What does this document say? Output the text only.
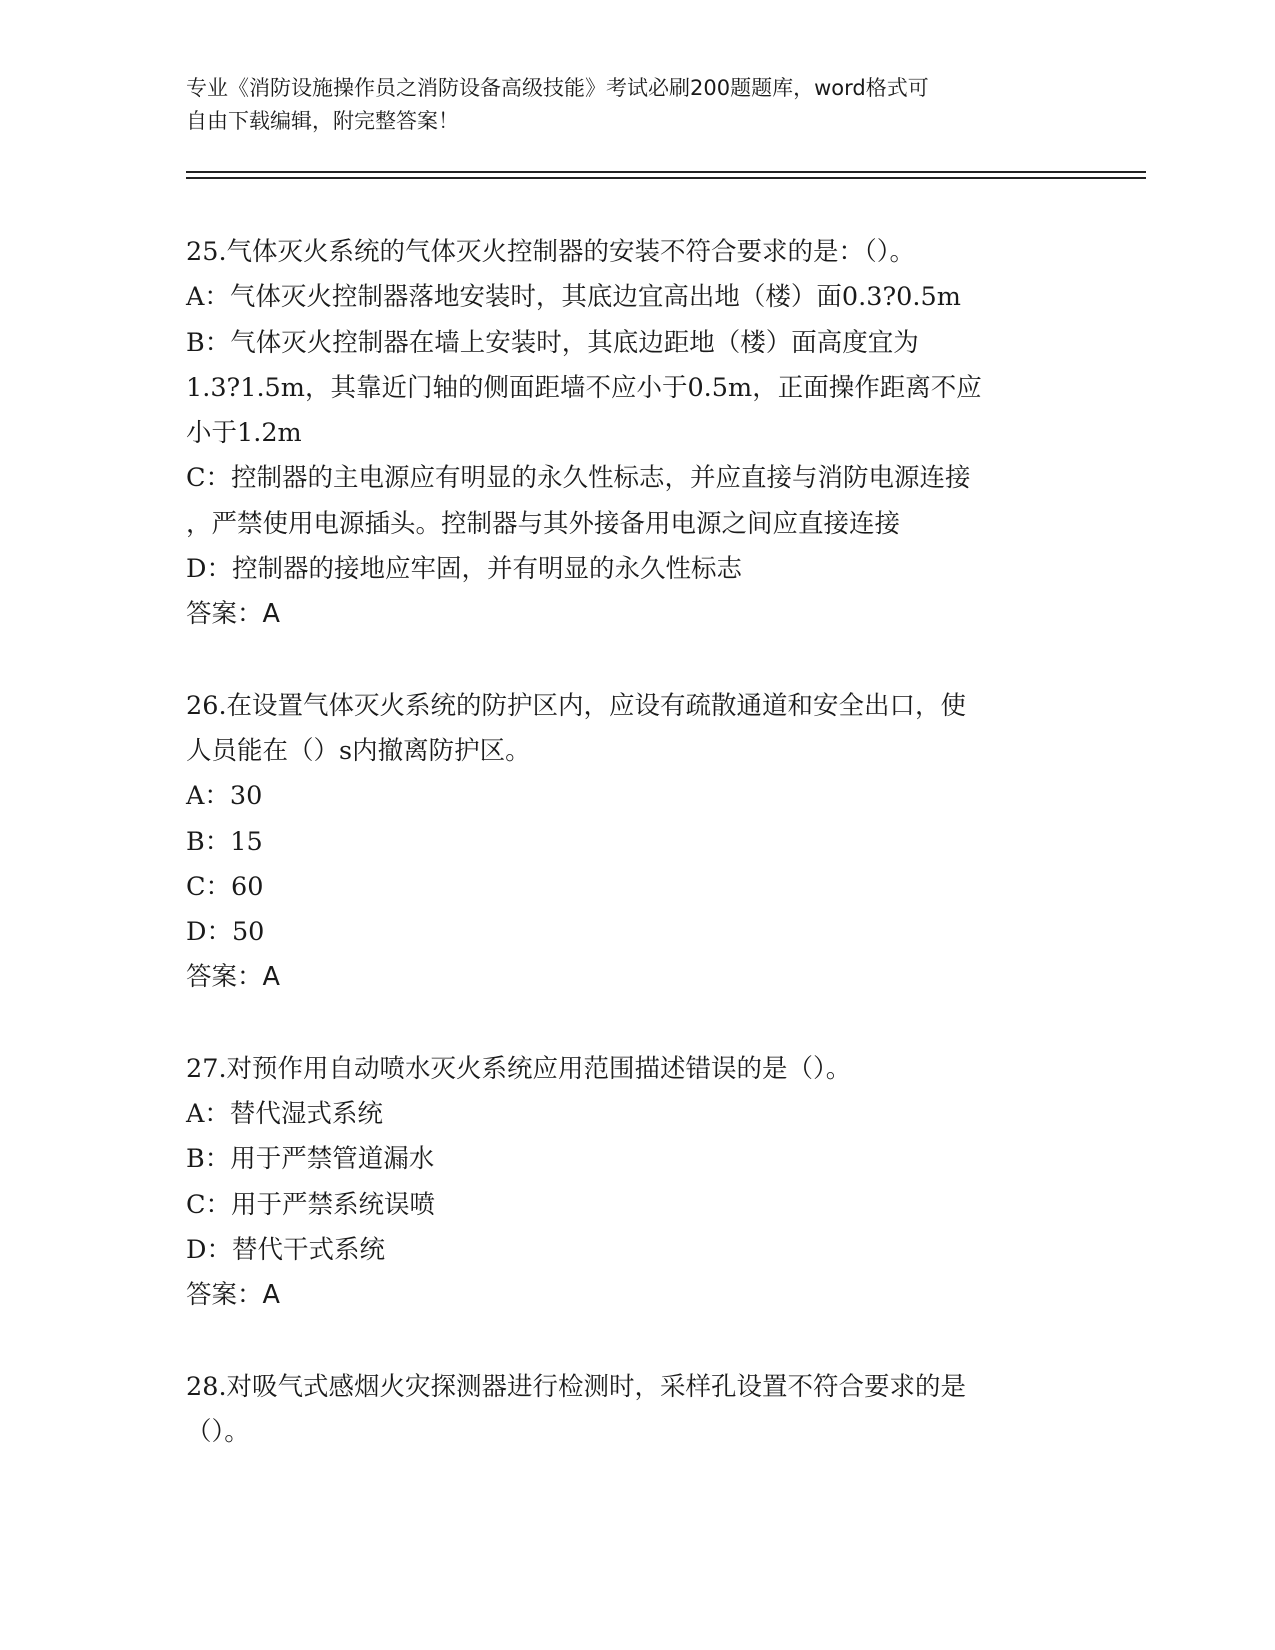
专业《消防设施操作员之消防设备高级技能》考试必刷200题题库，word格式可
自由下载编辑，附完整答案！
25.气体灭火系统的气体灭火控制器的安装不符合要求的是：（）。
A：气体灭火控制器落地安装时，其底边宜高出地（楼）面0.3?0.5m
B：气体灭火控制器在墙上安装时，其底边距地（楼）面高度宜为
1.3?1.5m，其靠近门轴的侧面距墙不应小于0.5m，正面操作距离不应
小于1.2m
C：控制器的主电源应有明显的永久性标志，并应直接与消防电源连接
，严禁使用电源插头。控制器与其外接备用电源之间应直接连接
D：控制器的接地应牢固，并有明显的永久性标志
答案：A
26.在设置气体灭火系统的防护区内，应设有疏散通道和安全出口，使
人员能在（）s内撤离防护区。
A：30
B：15
C：60
D：50
答案：A
27.对预作用自动喷水灭火系统应用范围描述错误的是（）。
A：替代湿式系统
B：用于严禁管道漏水
C：用于严禁系统误喷
D：替代干式系统
答案：A
28.对吸气式感烟火灾探测器进行检测时，采样孔设置不符合要求的是
（）。
